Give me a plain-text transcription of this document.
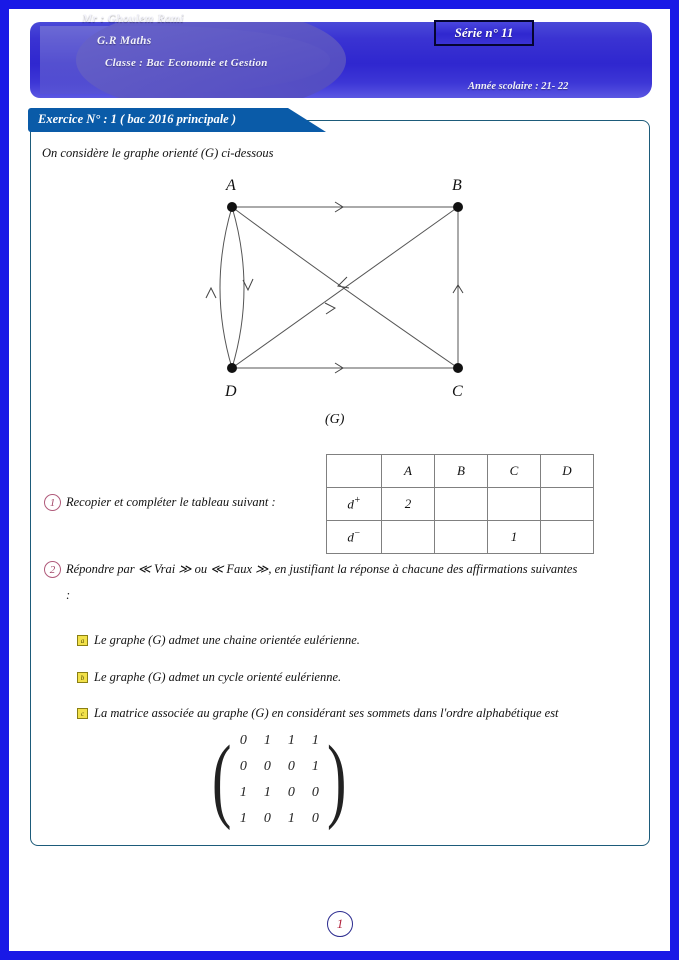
Mr : Ghoulem Rami
G.R Maths
Classe : Bac Economie et Gestion
Série n° 11
Année scolaire : 21- 22
Exercice N° : 1 ( bac 2016 principale )
On considère le graphe orienté (G) ci-dessous
A	B
C
D
(G)
1 Recopier et compléter le tableau suivant :
	A	B	C	D
d+	2			
d−			1	
2 Répondre par ≪ Vrai ≫ ou ≪ Faux ≫, en justifiant la réponse à chacune des affirmations suivantes
:
a Le graphe (G) admet une chaine orientée eulérienne.
b Le graphe (G) admet un cycle orienté eulérienne.
c La matrice associée au graphe (G) en considérant ses sommets dans l'ordre alphabétique est
( 0	1	1	1
0	0	0	1
1	1	0	0
1	0	1	0 )
1
